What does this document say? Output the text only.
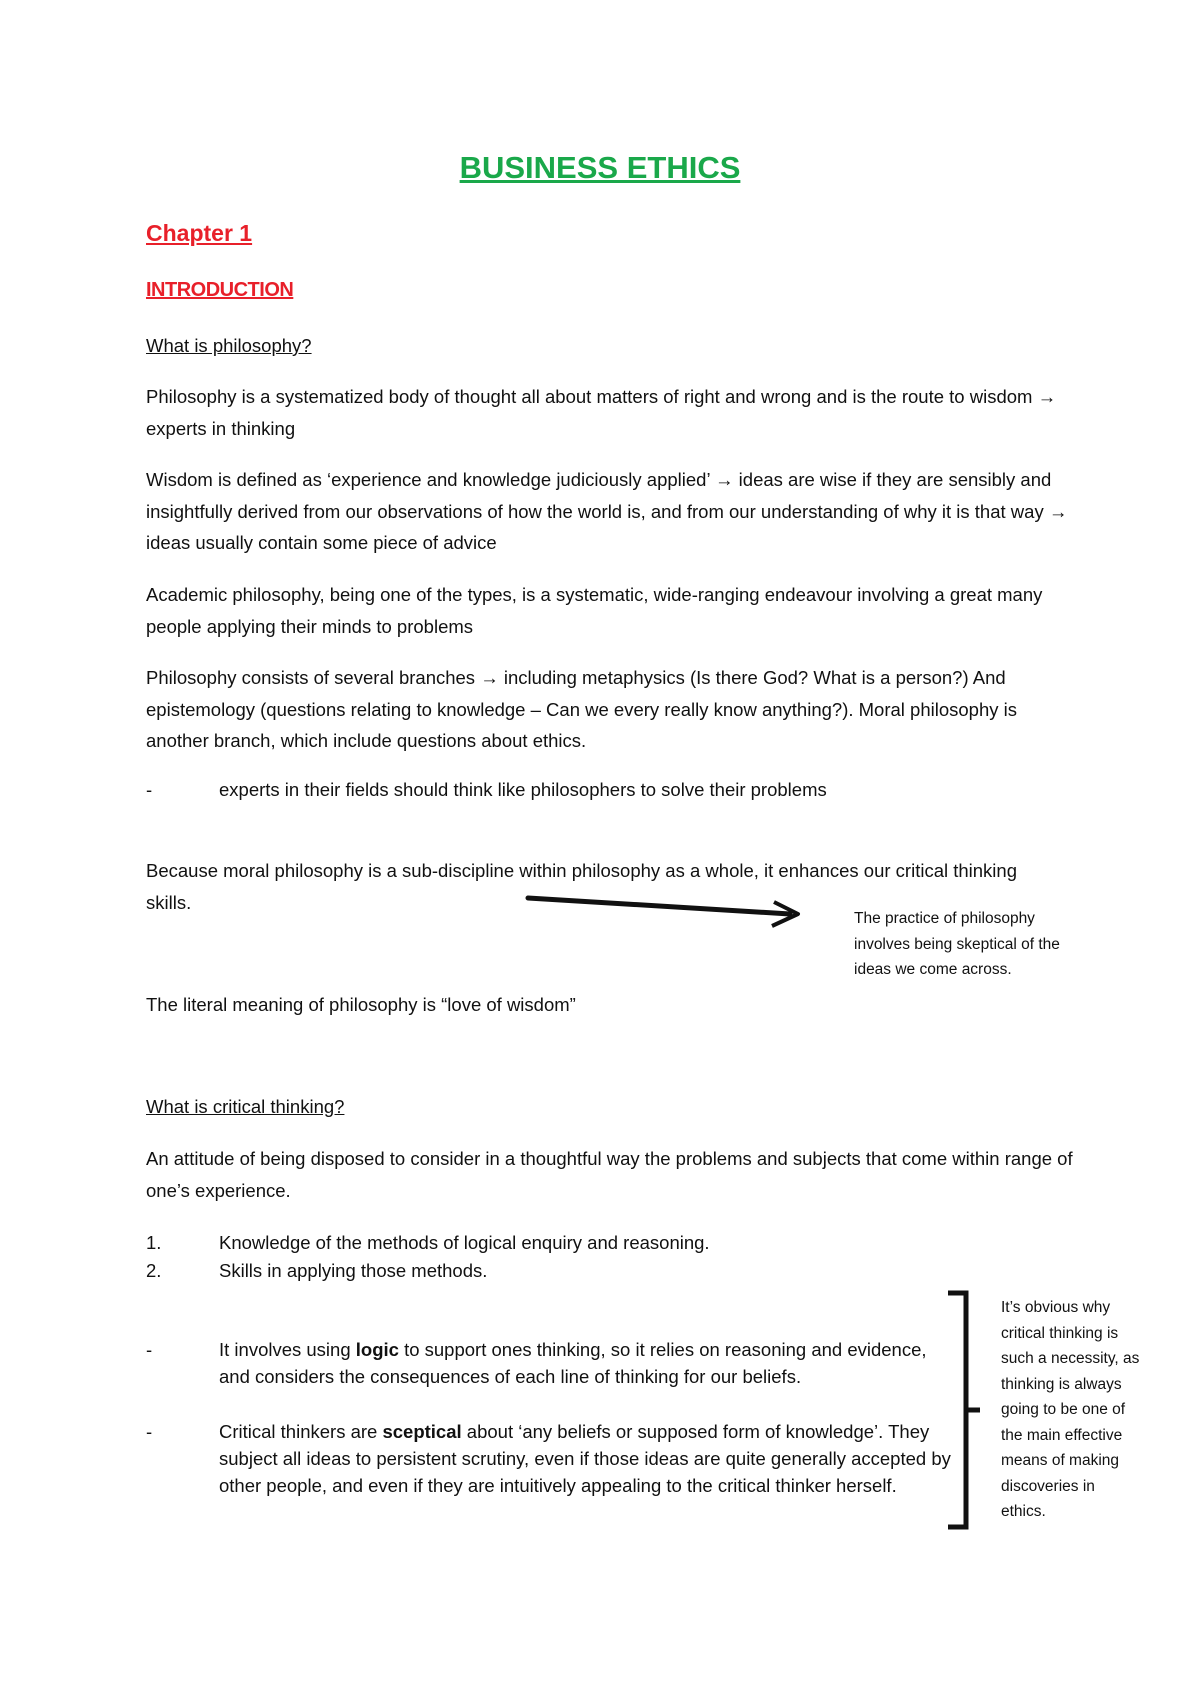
BUSINESS ETHICS
Chapter 1
INTRODUCTION
What is philosophy?

Philosophy is a systematized body of thought all about matters of right and wrong and is the route to wisdom → experts in thinking

Wisdom is defined as ‘experience and knowledge judiciously applied’ → ideas are wise if they are sensibly and insightfully derived from our observations of how the world is, and from our understanding of why it is that way → ideas usually contain some piece of advice

Academic philosophy, being one of the types, is a systematic, wide-ranging endeavour involving a great many people applying their minds to problems

Philosophy consists of several branches → including metaphysics (Is there God? What is a person?) And epistemology (questions relating to knowledge – Can we every really know anything?). Moral philosophy is another branch, which include questions about ethics.

-	experts in their fields should think like philosophers to solve their problems

Because moral philosophy is a sub-discipline within philosophy as a whole, it enhances our critical thinking skills.

The practice of philosophy involves being skeptical of the ideas we come across.

The literal meaning of philosophy is “love of wisdom”

What is critical thinking?

An attitude of being disposed to consider in a thoughtful way the problems and subjects that come within range of one’s experience.

1.	Knowledge of the methods of logical enquiry and reasoning.
2.	Skills in applying those methods.
-	It involves using logic to support ones thinking, so it relies on reasoning and evidence, and considers the consequences of each line of thinking for our beliefs.
-	Critical thinkers are sceptical about ‘any beliefs or supposed form of knowledge’. They subject all ideas to persistent scrutiny, even if those ideas are quite generally accepted by other people, and even if they are intuitively appealing to the critical thinker herself.
It’s obvious why critical thinking is such a necessity, as thinking is always going to be one of the main effective means of making discoveries in ethics.
